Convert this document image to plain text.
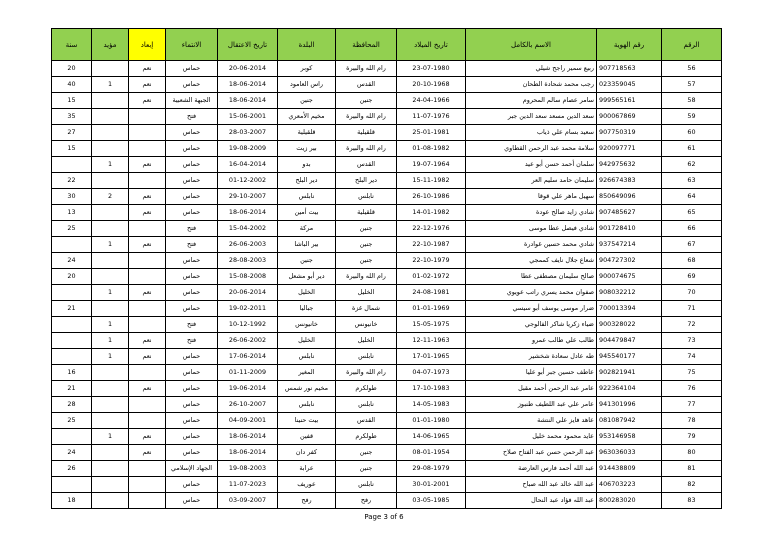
سنة	مؤيد	إبعاد	الانتماء	تاريخ الاعتقال	البلدة	المحافظة	تاريخ الميلاد	الاسم بالكامل	رقم الهوية	الرقم
20		نعم	حماس	20-06-2014	كوبر	رام الله والبيرة	23-07-1980	ربيع سمير راجح شيلي	907718563	56
40	1	نعم	حماس	18-06-2014	راس العامود	القدس	20-10-1968	رجب محمد شحادة الطحان	023359045	57
15		نعم	الجبهة الشعبية	18-06-2014	جنين	جنين	24-04-1966	سامر عصام سالم المحروم	999565161	58
35			فتح	15-06-2001	مخيم الأمعري	رام الله والبيرة	11-07-1976	سعد الدين مسعد سعد الدين جبر	900067869	59
27			حماس	28-03-2007	قلقيلية	قلقيلية	25-01-1981	سعيد بسام علي ذياب	907750319	60
15			حماس	19-08-2009	بير زيت	رام الله والبيرة	01-08-1982	سلامة محمد عبد الرحمن القطاوي	920097771	61
	1	نعم	حماس	16-04-2014	بدو	القدس	19-07-1964	سلمان أحمد حسن أبو عيد	942975632	62
22			حماس	01-12-2002	دير البلح	دير البلح	15-11-1982	سليمان حامد سليم العر	926674383	63
30	2	نعم	حماس	29-10-2007	نابلس	نابلس	26-10-1986	سهيل ماهر علي قوقا	850649096	64
13		نعم	حماس	18-06-2014	بيت أمين	قلقيلية	14-01-1982	شادي زايد صالح عودة	907485627	65
25			فتح	15-04-2002	مركة	جنين	22-12-1976	شادي فيصل عطا موسى	901728410	66
	1	نعم	فتح	26-06-2003	بير الباشا	جنين	22-10-1987	شادي محمد حسين غوادرة	937547214	67
24			حماس	28-08-2003	جنين	جنين	22-10-1979	شعاع جلال نايف كممجي	904727302	68
20			حماس	15-08-2008	دير أبو مشعل	رام الله والبيرة	01-02-1972	صالح سليمان مصطفى عطا	900074675	69
	1	نعم	حماس	20-06-2014	الخليل	الخليل	24-08-1981	صفوان محمد يسري راتب عويوي	908032212	70
21			حماس	19-02-2011	جباليا	شمال غزة	01-01-1969	ضرار موسى يوسف أبو سيسي	700013394	71
	1		فتح	10-12-1992	خانيونس	خانيونس	15-05-1975	ضياء زكريا شاكر الفالوجي	900328022	72
	1	نعم	فتح	26-06-2002	الخليل	الخليل	12-11-1963	طالب علي طالب عمرو	904479847	73
	1	نعم	حماس	17-06-2014	نابلس	نابلس	17-01-1965	طه عادل سعادة شخشير	945540177	74
16			حماس	01-11-2009	المغير	رام الله والبيرة	04-07-1973	عاطف حسين جبر أبو عليا	902821941	75
21		نعم	حماس	19-06-2014	مخيم نور شمس	طولكرم	17-10-1983	عامر عبد الرحمن أحمد مقبل	922364104	76
28			حماس	26-10-2007	نابلس	نابلس	14-05-1983	عامر علي عبد اللطيف طنبوز	941301996	77
25			حماس	04-09-2001	بيت حنينا	القدس	01-01-1980	عاهد فايز علي النتشة	081087942	78
	1	نعم	حماس	18-06-2014	قفين	طولكرم	14-06-1965	عايد محمود محمد خليل	953146958	79
24		نعم	حماس	18-06-2014	كفر دان	جنين	08-01-1954	عبد الرحمن حسن عبد الفتاح صلاح	963036033	80
26			الجهاد الإسلامي	19-08-2003	عرابة	جنين	29-08-1979	عبد الله أحمد فارس العارضة	914438809	81
			حماس	11-07-2023	عوريف	نابلس	30-01-2001	عبد الله خالد عبد الله صباح	406703223	82
18			حماس	03-09-2007	رفح	رفح	03-05-1985	عبد الله فؤاد عبد النحال	800283020	83
Page 3 of 6
